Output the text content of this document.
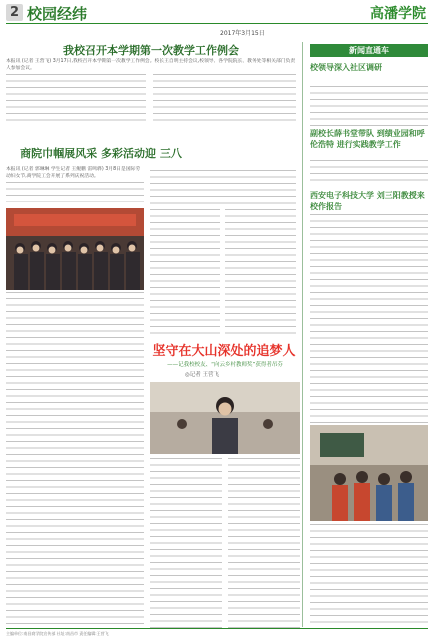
2 校园经纬	高潘学院
2017年3月15日
我校召开本学期第一次教学工作例会
本报讯 (记者 王营飞) 3月17日,我校召开本学期第一次教学工作例会。校长王自明主持会议,校领导、各学院院长、教务处等相关部门负责人参加会议。
商院巾帼展风采 多彩活动迎 三八
本报讯 (记者 郭琳琳 学生记者 王鲲鹏 雷鸣骅) 3月8日是国际劳动妇女节,商学院工会开展了系列庆祝活动。
新闻直通车
校领导深入社区调研
副校长薛书堂带队 到绩业园和呼伦浩特 进行实践教学工作
西安电子科技大学 刘三阳教授来校作报告
坚守在大山深处的追梦人
——记我校校友、“向云乡村教师奖”获得者吊芬
◎记者 王营飞
主编单位:南昌商学院宣传部 社址:南昌市 责任编辑:王营飞
